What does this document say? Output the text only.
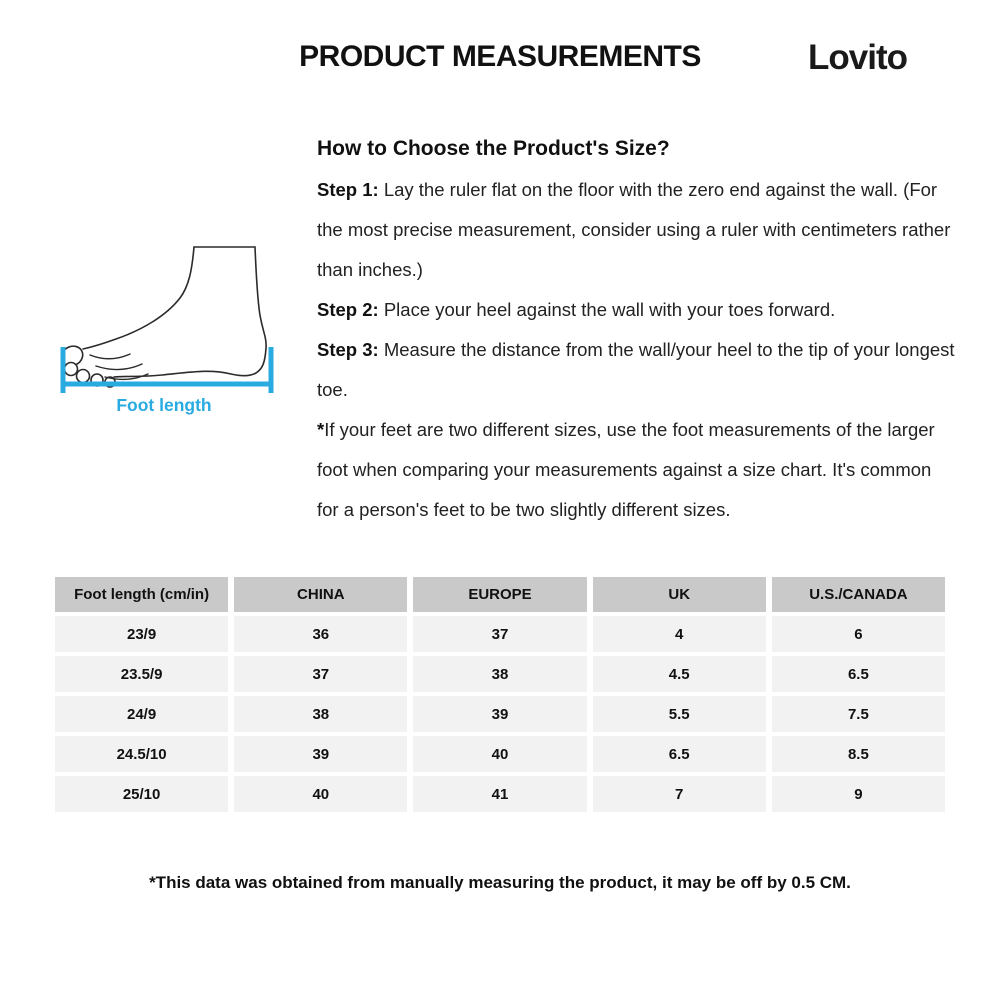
PRODUCT MEASUREMENTS	Lovito
How to Choose the Product's Size?

Step 1: Lay the ruler flat on the floor with the zero end against the wall. (For the most precise measurement, consider using a ruler with centimeters rather than inches.)

Step 2: Place your heel against the wall with your toes forward.

Step 3: Measure the distance from the wall/your heel to the tip of your longest toe.

*If your feet are two different sizes, use the foot measurements of the larger foot when comparing your measurements against a size chart. It's common for a person's feet to be two slightly different sizes.

Foot length
Foot length (cm/in)	CHINA	EUROPE	UK	U.S./CANADA
23/9	36	37	4	6
23.5/9	37	38	4.5	6.5
24/9	38	39	5.5	7.5
24.5/10	39	40	6.5	8.5
25/10	40	41	7	9
*This data was obtained from manually measuring the product, it may be off by 0.5 CM.
